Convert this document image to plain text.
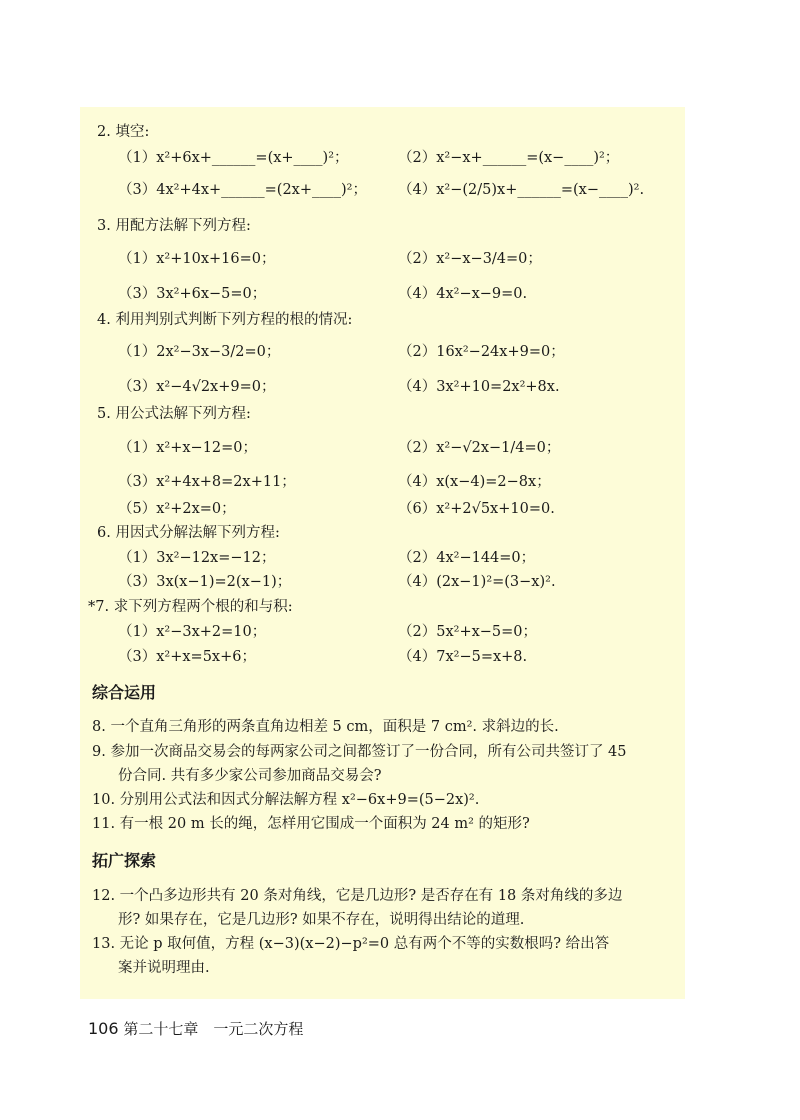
2. 填空:
（1）x²+6x+______=(x+____)²；	（2）x²−x+______=(x−____)²；
（3）4x²+4x+______=(2x+____)²； （4）x²−(2/5)x+______=(x−____)².
3. 用配方法解下列方程:
（1）x²+10x+16=0；	（2）x²−x−3/4=0；
（3）3x²+6x−5=0；	（4）4x²−x−9=0.
4. 利用判别式判断下列方程的根的情况:
（1）2x²−3x−3/2=0；	（2）16x²−24x+9=0；
（3）x²−4√2x+9=0；	（4）3x²+10=2x²+8x.
5. 用公式法解下列方程:
（1）x²+x−12=0；	（2）x²−√2x−1/4=0；
（3）x²+4x+8=2x+11；	（4）x(x−4)=2−8x；
（5）x²+2x=0；	（6）x²+2√5x+10=0.
6. 用因式分解法解下列方程:
（1）3x²−12x=−12；	（2）4x²−144=0；
（3）3x(x−1)=2(x−1)；	（4）(2x−1)²=(3−x)².
*7. 求下列方程两个根的和与积:
（1）x²−3x+2=10；	（2）5x²+x−5=0；
（3）x²+x=5x+6；	（4）7x²−5=x+8.
综合运用
8. 一个直角三角形的两条直角边相差 5 cm，面积是 7 cm². 求斜边的长.
9. 参加一次商品交易会的每两家公司之间都签订了一份合同，所有公司共签订了 45
份合同. 共有多少家公司参加商品交易会?
10. 分别用公式法和因式分解法解方程 x²−6x+9=(5−2x)².
11. 有一根 20 m 长的绳，怎样用它围成一个面积为 24 m² 的矩形?
拓广探索
12. 一个凸多边形共有 20 条对角线，它是几边形? 是否存在有 18 条对角线的多边
形? 如果存在，它是几边形? 如果不存在，说明得出结论的道理.
13. 无论 p 取何值，方程 (x−3)(x−2)−p²=0 总有两个不等的实数根吗? 给出答
案并说明理由.
106 第二十七章　一元二次方程
